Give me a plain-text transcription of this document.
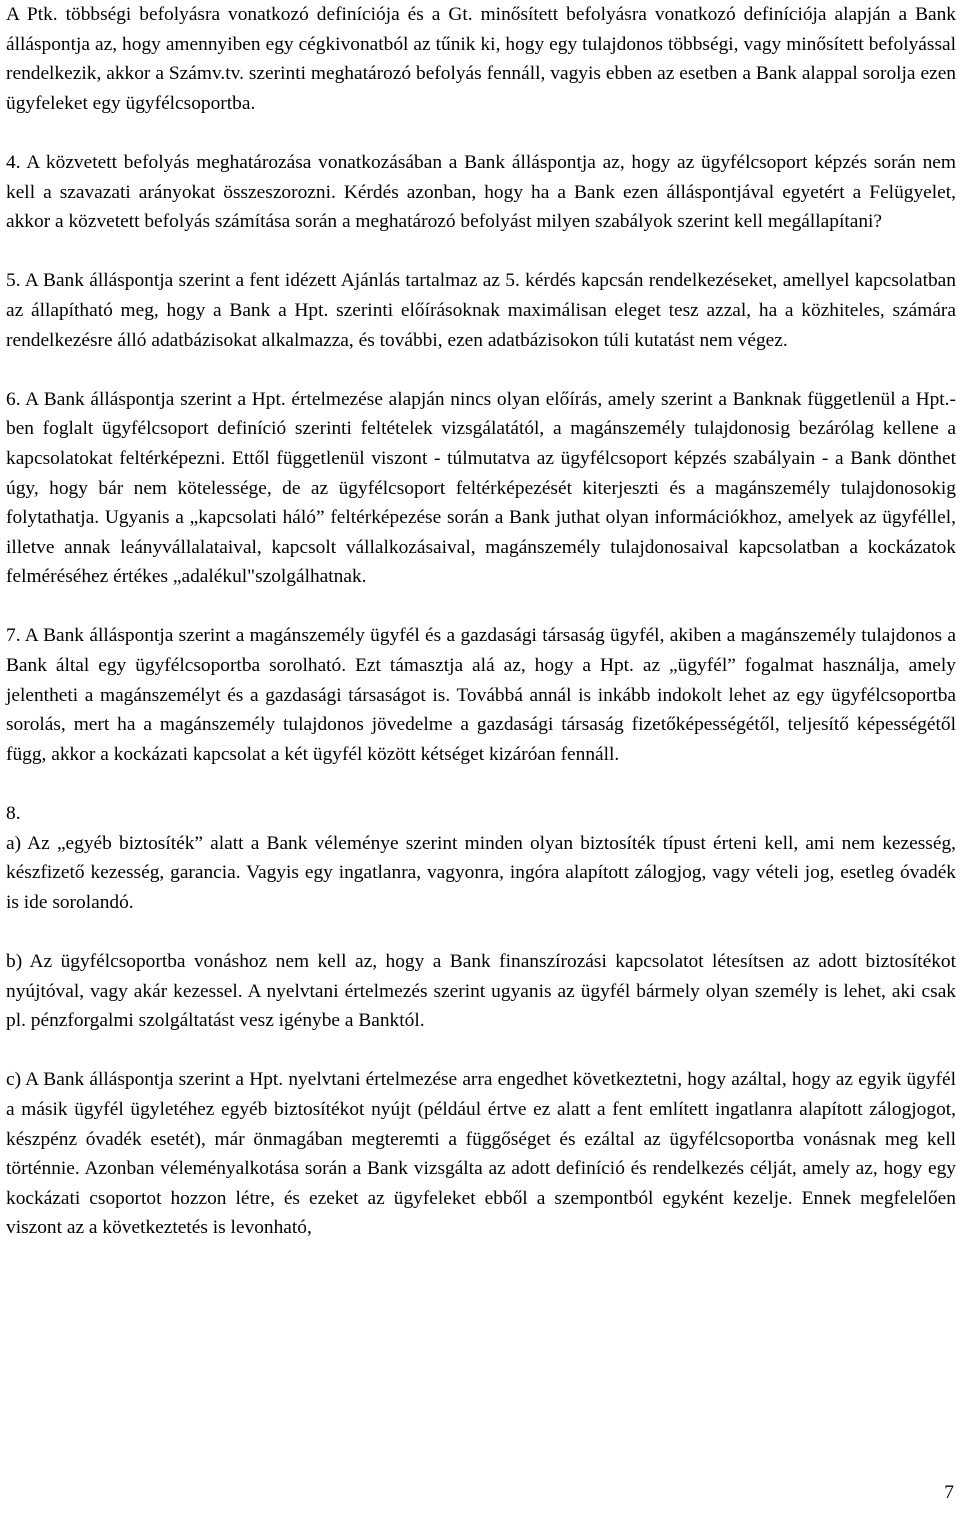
A Ptk. többségi befolyásra vonatkozó definíciója és a Gt. minősített befolyásra vonatkozó definíciója alapján a Bank álláspontja az, hogy amennyiben egy cégkivonatból az tűnik ki, hogy egy tulajdonos többségi, vagy minősített befolyással rendelkezik, akkor a Számv.tv. szerinti meghatározó befolyás fennáll, vagyis ebben az esetben a Bank alappal sorolja ezen ügyfeleket egy ügyfélcsoportba.

4. A közvetett befolyás meghatározása vonatkozásában a Bank álláspontja az, hogy az ügyfélcsoport képzés során nem kell a szavazati arányokat összeszorozni. Kérdés azonban, hogy ha a Bank ezen álláspontjával egyetért a Felügyelet, akkor a közvetett befolyás számítása során a meghatározó befolyást milyen szabályok szerint kell megállapítani?

5. A Bank álláspontja szerint a fent idézett Ajánlás tartalmaz az 5. kérdés kapcsán rendelkezéseket, amellyel kapcsolatban az állapítható meg, hogy a Bank a Hpt. szerinti előírásoknak maximálisan eleget tesz azzal, ha a közhiteles, számára rendelkezésre álló adatbázisokat alkalmazza, és további, ezen adatbázisokon túli kutatást nem végez.

6. A Bank álláspontja szerint a Hpt. értelmezése alapján nincs olyan előírás, amely szerint a Banknak függetlenül a Hpt.-ben foglalt ügyfélcsoport definíció szerinti feltételek vizsgálatától, a magánszemély tulajdonosig bezárólag kellene a kapcsolatokat feltérképezni. Ettől függetlenül viszont - túlmutatva az ügyfélcsoport képzés szabályain - a Bank dönthet úgy, hogy bár nem kötelessége, de az ügyfélcsoport feltérképezését kiterjeszti és a magánszemély tulajdonosokig folytathatja. Ugyanis a „kapcsolati háló” feltérképezése során a Bank juthat olyan információkhoz, amelyek az ügyféllel, illetve annak leányvállalataival, kapcsolt vállalkozásaival, magánszemély tulajdonosaival kapcsolatban a kockázatok felméréséhez értékes „adalékul"szolgálhatnak.

7. A Bank álláspontja szerint a magánszemély ügyfél és a gazdasági társaság ügyfél, akiben a magánszemély tulajdonos a Bank által egy ügyfélcsoportba sorolható. Ezt támasztja alá az, hogy a Hpt. az „ügyfél” fogalmat használja, amely jelentheti a magánszemélyt és a gazdasági társaságot is. Továbbá annál is inkább indokolt lehet az egy ügyfélcsoportba sorolás, mert ha a magánszemély tulajdonos jövedelme a gazdasági társaság fizetőképességétől, teljesítő képességétől függ, akkor a kockázati kapcsolat a két ügyfél között kétséget kizáróan fennáll.

8.

a) Az „egyéb biztosíték” alatt a Bank véleménye szerint minden olyan biztosíték típust érteni kell, ami nem kezesség, készfizető kezesség, garancia. Vagyis egy ingatlanra, vagyonra, ingóra alapított zálogjog, vagy vételi jog, esetleg óvadék is ide sorolandó.

b) Az ügyfélcsoportba vonáshoz nem kell az, hogy a Bank finanszírozási kapcsolatot létesítsen az adott biztosítékot nyújtóval, vagy akár kezessel. A nyelvtani értelmezés szerint ugyanis az ügyfél bármely olyan személy is lehet, aki csak pl. pénzforgalmi szolgáltatást vesz igénybe a Banktól.

c) A Bank álláspontja szerint a Hpt. nyelvtani értelmezése arra engedhet következtetni, hogy azáltal, hogy az egyik ügyfél a másik ügyfél ügyletéhez egyéb biztosítékot nyújt (például értve ez alatt a fent említett ingatlanra alapított zálogjogot, készpénz óvadék esetét), már önmagában megteremti a függőséget és ezáltal az ügyfélcsoportba vonásnak meg kell történnie. Azonban véleményalkotása során a Bank vizsgálta az adott definíció és rendelkezés célját, amely az, hogy egy kockázati csoportot hozzon létre, és ezeket az ügyfeleket ebből a szempontból egyként kezelje. Ennek megfelelően viszont az a következtetés is levonható,

7
